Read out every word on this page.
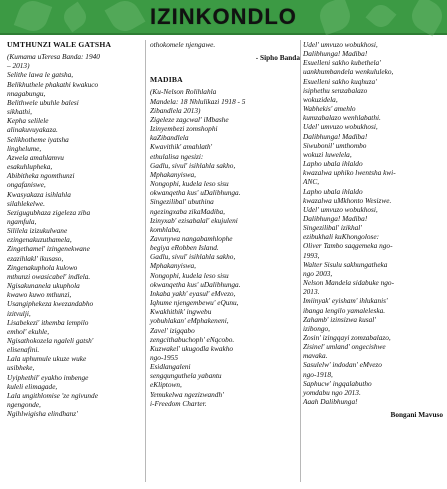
IZINKONDLO
UMTHUNZI WALE GATSHA
(Kumama uTeresa Banda: 1940
– 2013)
Selithe lawa le gatsha,
Belikhuthele phakathi kwakuco
nnagabungu,
Belithwele ubuhle balesi
sikhathi,
Kepha selilele
alinakuvuyakaza.
Selikhotheme iyatsha
linghelume,
Azwela amahlamvu
esakuhlupheka,
Abibitheka ngomthunzi
ongafaniswe,
Kwasyakaza isihlahla
silahlekelwe.
Sezigugubhaza zigeleza ziba
ngamfula,
Sililela izizukulwane
ezingenakuzuthamela,
Zingethamel' izingenekwane
ezazihlakl' ikusaso,
Zingenakuphola kulowo
mthunzi owasicabel' indlela.
Ngisakunanela ukuphola
kwawo kuwo mthunzi,
Usangiphekeza kwezandabho
izitvulji,
Lisabekezi' ithemba lempilo
emhol' ekuhle,
Ngisathokozela ngaleli gatsh'
elisenafini.
Lala uphumule ukuze wuke
usibheke,
Uyiphethil' eyakho imbenge
kuleli elimagade,
Lala ungithlomise 'ze ngivunde
ngengonde,
Ngihlwigisha elindhanz'
othokomele njengawe.
- Sipho Banda
MADIBA
(Ku-Nelson Rolihlahla
Mandela: 18 Nhlulikazi 1918 - 5
Zibandlela 2013)
Zigeleze zagcwal' iMbashe
Izinyembezi zomshophi
kaZibandlela
Kwavithik' amahlath'
ethulalisa ngesizi:
Gadlu, sivul' isihlahla sakho,
Mphakanyiswa,
Nongophi, kudela leso sisu
okwanqetha kus' uDalibhunga.
Singezilibal' ubuthina
ngezingxaba zikaMadiba,
Izinyxab' ezisabalal' ekujuleni
komhlaba,
Zavunywa nangabamhlophe
begiya eRobben Island.
Gadlu, sivul' isihlahla sakho,
Mphakanyiswa,
Nongophi, kudela leso sisu
okwanqetha kus' uDalibhunga.
Inkaba yakh' eyasul' eMvezo,
Iqhume njengembewu' eQunu,
Kwakhithik' ingwebu
yobuhlakan' eMphakeneni,
Zavel' izigqabo
zengcithabuchoph' eNqcobo.
Kuzwakel' ukugodla kwakho
ngo-1955
Esidlangaleni
sengqunguthela yabantu
eKliptown,
Yemukelwa ngezizwandh'
i-Freedom Charter.
Udel' umvuzo wobukhosi,
Dalibhunga! Madiba!
Esuelleni sakho kubethela'
uankhumbandela wenkululeko,
Esuelleni sakho kuqhuza'
isiphethu senzabalazo
wokuzidela,
Wabhekis' amehlo
kumzabalazo wenhlabathi.
Udel' umvuzo wobukhosi,
Dalibhunga! Madiba!
Siwubonil' umthombo
wokuzi luwelela,
Lapho ubala ihlaldo
kwazalwa uphiko lwentsha kwi-
ANC,
Lapho ubala ihlaldo
kwazalwa uMkhonto Wesizwe.
Udel' umvuzo wobukhosi,
Dalibhunga! Madiba!
Singezilibal' izikhal'
ezibukhali kuKhongolose:
Oliver Tambo saqgemeka ngo-
1993,
Walter Sisulu sakhungatheka
ngo 2003,
Nelson Mandela sidabuke ngo-
2013.
Imiinyak' eyisham' ihlukanis'
ibanga lengilo yamaleleska.
Zahamb' izinsizwa kusal'
izibongo,
Zosin' izingqayi zomzabalazo,
Zisinel' umland' ongecishwe
mavaka.
Sasulelw' indodan' eMvezo
ngo-1918,
Saphucw' ingqalabutho
yomdabu ngo 2013.
Aaah Dalibhunga!
Bongani Mavuso
